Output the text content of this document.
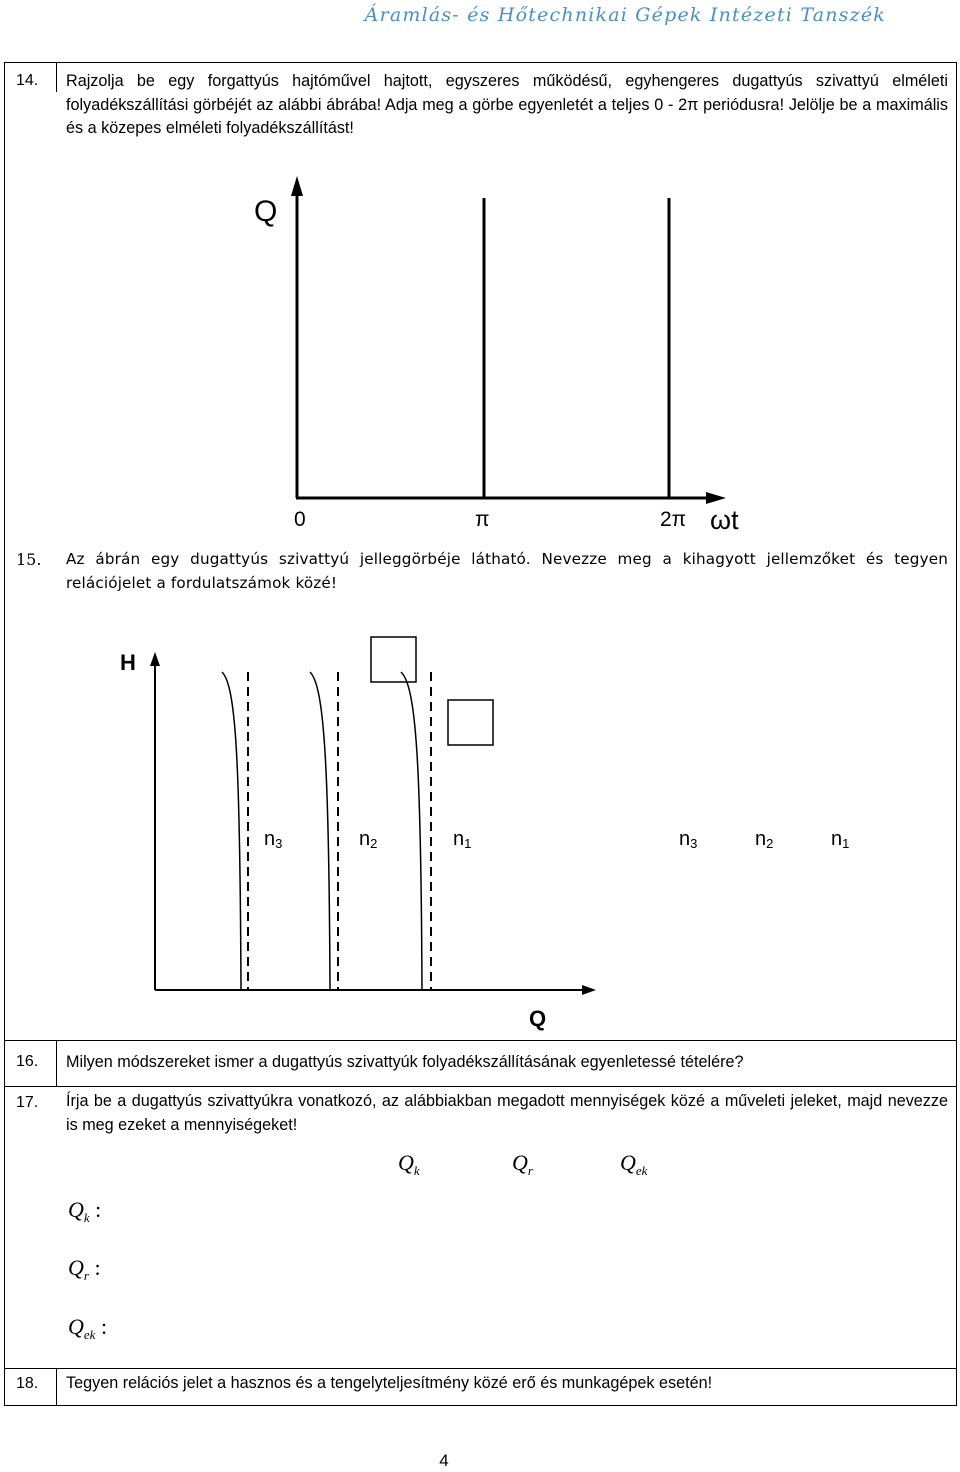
Áramlás- és Hőtechnikai Gépek Intézeti Tanszék
14. Rajzolja be egy forgattyús hajtóművel hajtott, egyszeres működésű, egyhengeres dugattyús szivattyú elméleti folyadékszállítási görbéjét az alábbi ábrába! Adja meg a görbe egyenletét a teljes 0 - 2π periódusra! Jelölje be a maximális és a közepes elméleti folyadékszállítást!
Q
0	π	2π ωt
15. Az ábrán egy dugattyús szivattyú jelleggörbéje látható. Nevezze meg a kihagyott jellemzőket és tegyen relációjelet a fordulatszámok közé!
H
Q
n3	n2	n1	n3	n2	n1
16. Milyen módszereket ismer a dugattyús szivattyúk folyadékszállításának egyenletessé tételére?
17. Írja be a dugattyús szivattyúkra vonatkozó, az alábbiakban megadott mennyiségek közé a műveleti jeleket, majd nevezze is meg ezeket a mennyiségeket!
$Q_k$	$Q_r$	$Q_{ek}$
$Q_k$ :
$Q_r$ :
$Q_{ek}$ :
18. Tegyen relációs jelet a hasznos és a tengelyteljesítmény közé erő és munkagépek esetén!
4
